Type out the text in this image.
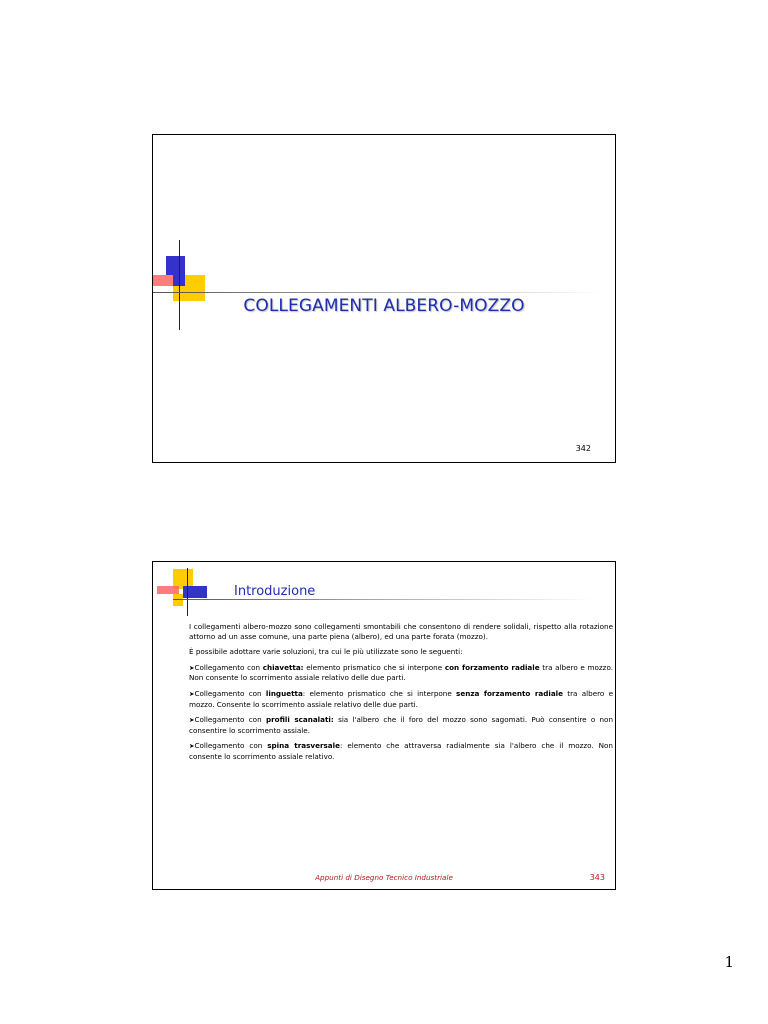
COLLEGAMENTI ALBERO-MOZZO
342
Introduzione

I collegamenti albero-mozzo sono collegamenti smontabili che consentono di rendere solidali, rispetto alla rotazione attorno ad un asse comune, una parte piena (albero), ed una parte forata (mozzo).

È possibile adottare varie soluzioni, tra cui le più utilizzate sono le seguenti:

➤Collegamento con chiavetta: elemento prismatico che si interpone con forzamento radiale tra albero e mozzo. Non consente lo scorrimento assiale relativo delle due parti.

➤Collegamento con linguetta: elemento prismatico che si interpone senza forzamento radiale tra albero e mozzo. Consente lo scorrimento assiale relativo delle due parti.

➤Collegamento con profili scanalati: sia l'albero che il foro del mozzo sono sagomati. Può consentire o non consentire lo scorrimento assiale.

➤Collegamento con spina trasversale: elemento che attraversa radialmente sia l'albero che il mozzo. Non consente lo scorrimento assiale relativo.

Appunti di Disegno Tecnico Industriale	343
1
